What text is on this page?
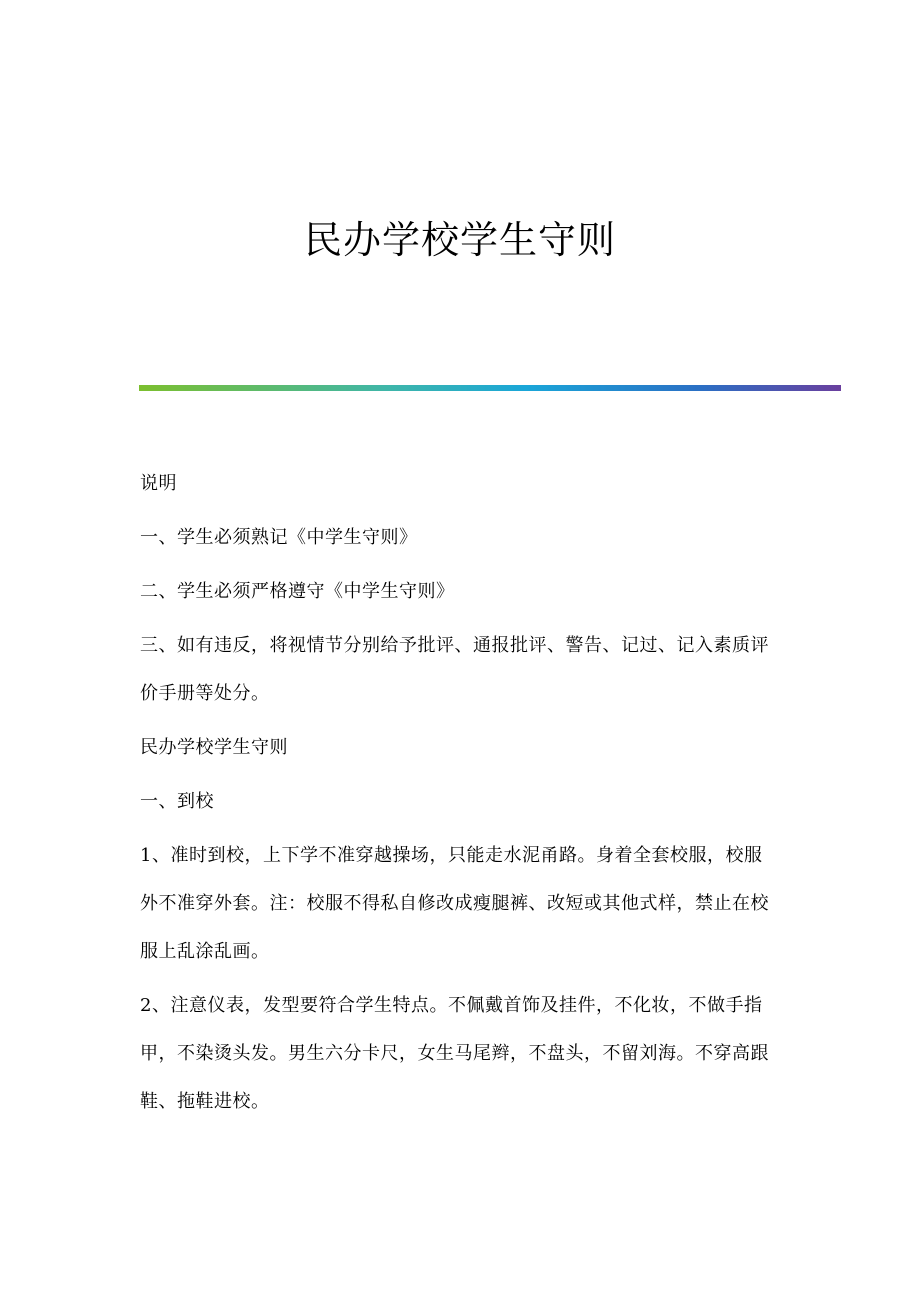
民办学校学生守则

说明

一、学生必须熟记《中学生守则》

二、学生必须严格遵守《中学生守则》

三、如有违反，将视情节分别给予批评、通报批评、警告、记过、记入素质评价手册等处分。

民办学校学生守则

一、到校

1、准时到校，上下学不准穿越操场，只能走水泥甬路。身着全套校服，校服外不准穿外套。注：校服不得私自修改成瘦腿裤、改短或其他式样，禁止在校服上乱涂乱画。

2、注意仪表，发型要符合学生特点。不佩戴首饰及挂件，不化妆，不做手指甲，不染烫头发。男生六分卡尺，女生马尾辫，不盘头，不留刘海。不穿高跟鞋、拖鞋进校。
